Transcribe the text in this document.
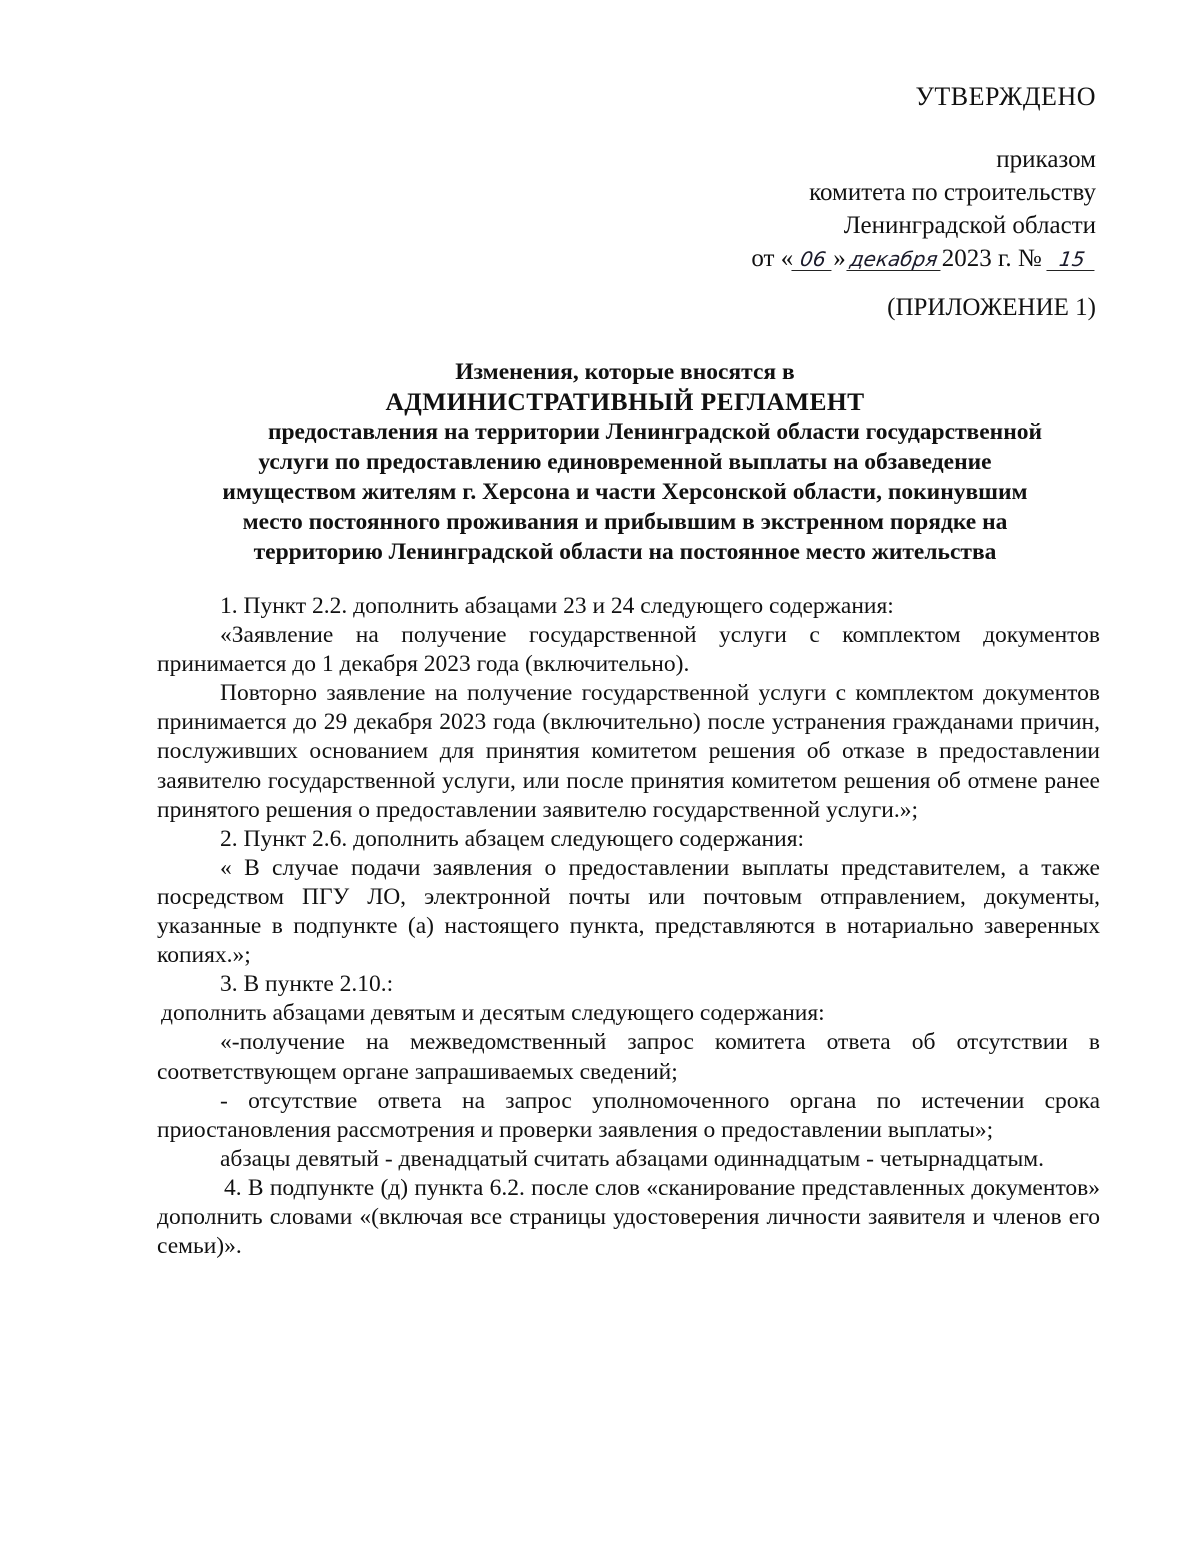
УТВЕРЖДЕНО
приказом
комитета по строительству
Ленинградской области
от « 06 » декабря 2023 г. № 15
(ПРИЛОЖЕНИЕ 1)
Изменения, которые вносятся в
АДМИНИСТРАТИВНЫЙ РЕГЛАМЕНТ
предоставления на территории Ленинградской области государственной
услуги по предоставлению единовременной выплаты на обзаведение
имуществом жителям г. Херсона и части Херсонской области, покинувшим
место постоянного проживания и прибывшим в экстренном порядке на
территорию Ленинградской области на постоянное место жительства

1. Пункт 2.2. дополнить абзацами 23 и 24 следующего содержания:

«Заявление на получение государственной услуги с комплектом документов принимается до 1 декабря 2023 года (включительно).

Повторно заявление на получение государственной услуги с комплектом документов принимается до 29 декабря 2023 года (включительно) после устранения гражданами причин, послуживших основанием для принятия комитетом решения об отказе в предоставлении заявителю государственной услуги, или после принятия комитетом решения об отмене ранее принятого решения о предоставлении заявителю государственной услуги.»;

2. Пункт 2.6. дополнить абзацем следующего содержания:

« В случае подачи заявления о предоставлении выплаты представителем, а также посредством ПГУ ЛО, электронной почты или почтовым отправлением, документы, указанные в подпункте (а) настоящего пункта, представляются в нотариально заверенных копиях.»;

3. В пункте 2.10.:

дополнить абзацами девятым и десятым следующего содержания:

«-получение на межведомственный запрос комитета ответа об отсутствии в соответствующем органе запрашиваемых сведений;

- отсутствие ответа на запрос уполномоченного органа по истечении срока приостановления рассмотрения и проверки заявления о предоставлении выплаты»;

абзацы девятый - двенадцатый считать абзацами одиннадцатым - четырнадцатым.

4. В подпункте (д) пункта 6.2. после слов «сканирование представленных документов» дополнить словами «(включая все страницы удостоверения личности заявителя и членов его семьи)».
